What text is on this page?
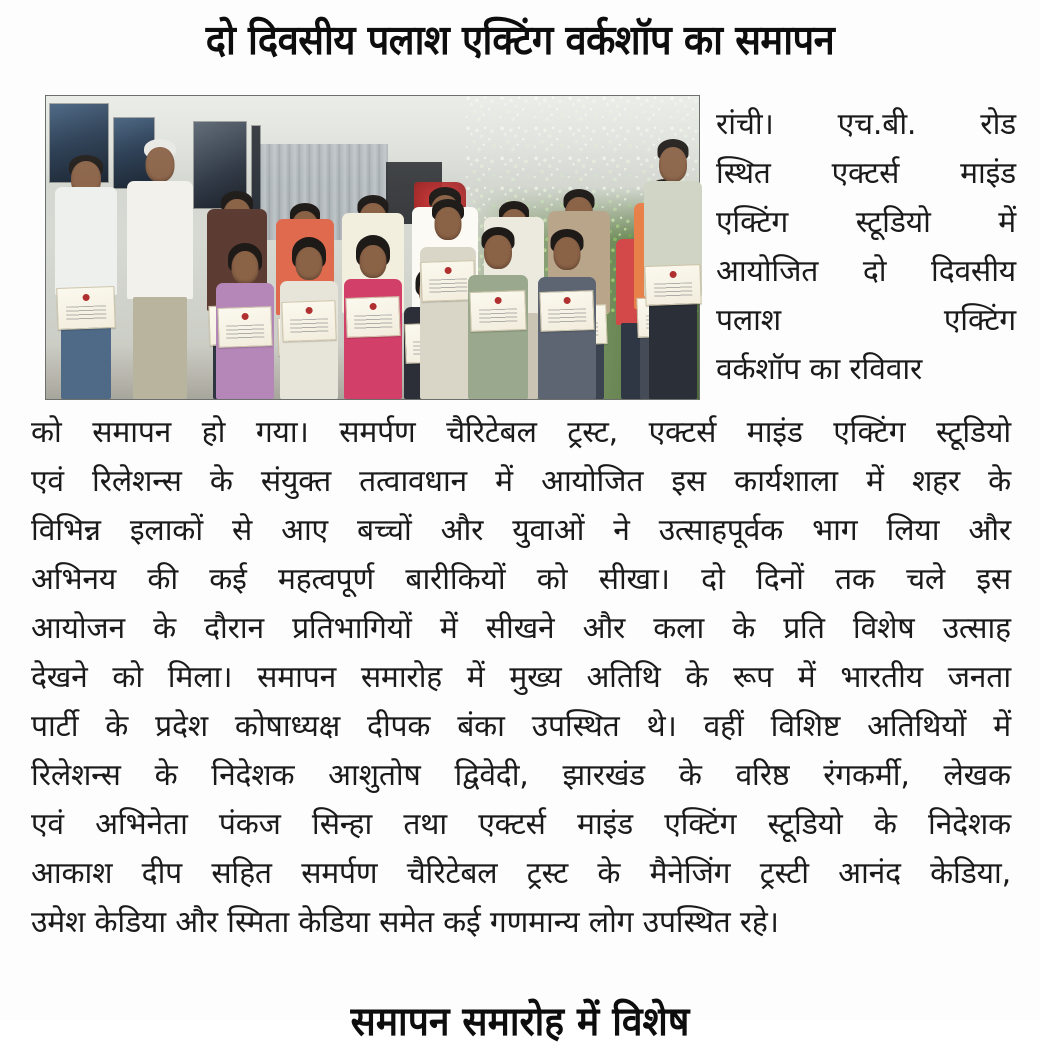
दो दिवसीय पलाश एक्टिंग वर्कशॉप का समापन
रांची। एच.बी. रोड
स्थित एक्टर्स माइंड
एक्टिंग स्टूडियो में
आयोजित दो दिवसीय
पलाश	एक्टिंग
वर्कशॉप का रविवार
को समापन हो गया। समर्पण चैरिटेबल ट्रस्ट, एक्टर्स माइंड एक्टिंग स्टूडियो
एवं रिलेशन्स के संयुक्त तत्वावधान में आयोजित इस कार्यशाला में शहर के
विभिन्न इलाकों से आए बच्चों और युवाओं ने उत्साहपूर्वक भाग लिया और
अभिनय की कई महत्वपूर्ण बारीकियों को सीखा। दो दिनों तक चले इस
आयोजन के दौरान प्रतिभागियों में सीखने और कला के प्रति विशेष उत्साह
देखने को मिला। समापन समारोह में मुख्य अतिथि के रूप में भारतीय जनता
पार्टी के प्रदेश कोषाध्यक्ष दीपक बंका उपस्थित थे। वहीं विशिष्ट अतिथियों में
रिलेशन्स के निदेशक आशुतोष द्विवेदी, झारखंड के वरिष्ठ रंगकर्मी, लेखक
एवं अभिनेता पंकज सिन्हा तथा एक्टर्स माइंड एक्टिंग स्टूडियो के निदेशक
आकाश दीप सहित समर्पण चैरिटेबल ट्रस्ट के मैनेजिंग ट्रस्टी आनंद केडिया,
उमेश केडिया और स्मिता केडिया समेत कई गणमान्य लोग उपस्थित रहे।
समापन समारोह में विशेष
